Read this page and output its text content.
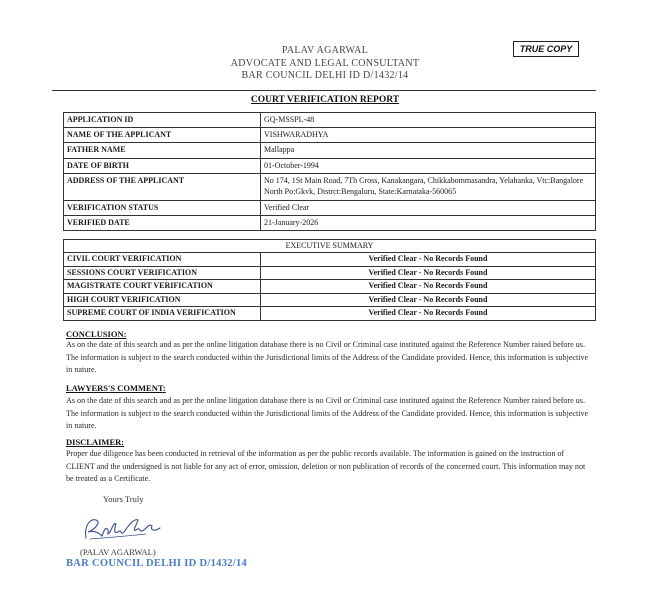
PALAV AGARWAL
ADVOCATE AND LEGAL CONSULTANT
BAR COUNCIL DELHI ID D/1432/14
TRUE COPY
COURT VERIFICATION REPORT
APPLICATION ID	GQ-MSSPL-48
NAME OF THE APPLICANT	VISHWARADHYA
FATHER NAME	Mallappa
DATE OF BIRTH	01-October-1994
ADDRESS OF THE APPLICANT	No 174, 1St Main Road, 7Th Cross, Kanakangara, Chikkabommasandra, Yelahanka, Vtc:Bangalore North Po:Gkvk, Distrct:Bengaluru, State:Karnataka-560065
VERIFICATION STATUS	Verified Clear
VERIFIED DATE	21-January-2026
EXECUTIVE SUMMARY	
CIVIL COURT VERIFICATION	Verified Clear - No Records Found
SESSIONS COURT VERIFICATION	Verified Clear - No Records Found
MAGISTRATE COURT VERIFICATION	Verified Clear - No Records Found
HIGH COURT VERIFICATION	Verified Clear - No Records Found
SUPREME COURT OF INDIA VERIFICATION	Verified Clear - No Records Found
CONCLUSION:
As on the date of this search and as per the online litigation database there is no Civil or Criminal case instituted against the Reference Number raised before us. The information is subject to the search conducted within the Jurisdictional limits of the Address of the Candidate provided. Hence, this information is subjective in nature.
LAWYERS'S COMMENT:
As on the date of this search and as per the online litigation database there is no Civil or Criminal case instituted against the Reference Number raised before us. The information is subject to the search conducted within the Jurisdictional limits of the Address of the Candidate provided. Hence, this information is subjective in nature.
DISCLAIMER:
Proper due diligence has been conducted in retrieval of the information as per the public records available. The information is gained on the instruction of CLIENT and the undersigned is not liable for any act of error, omission, deletion or non publication of records of the concerned court. This information may not be treated as a Certificate.
Yours Truly
(PALAV AGARWAL)
BAR COUNCIL DELHI ID D/1432/14
